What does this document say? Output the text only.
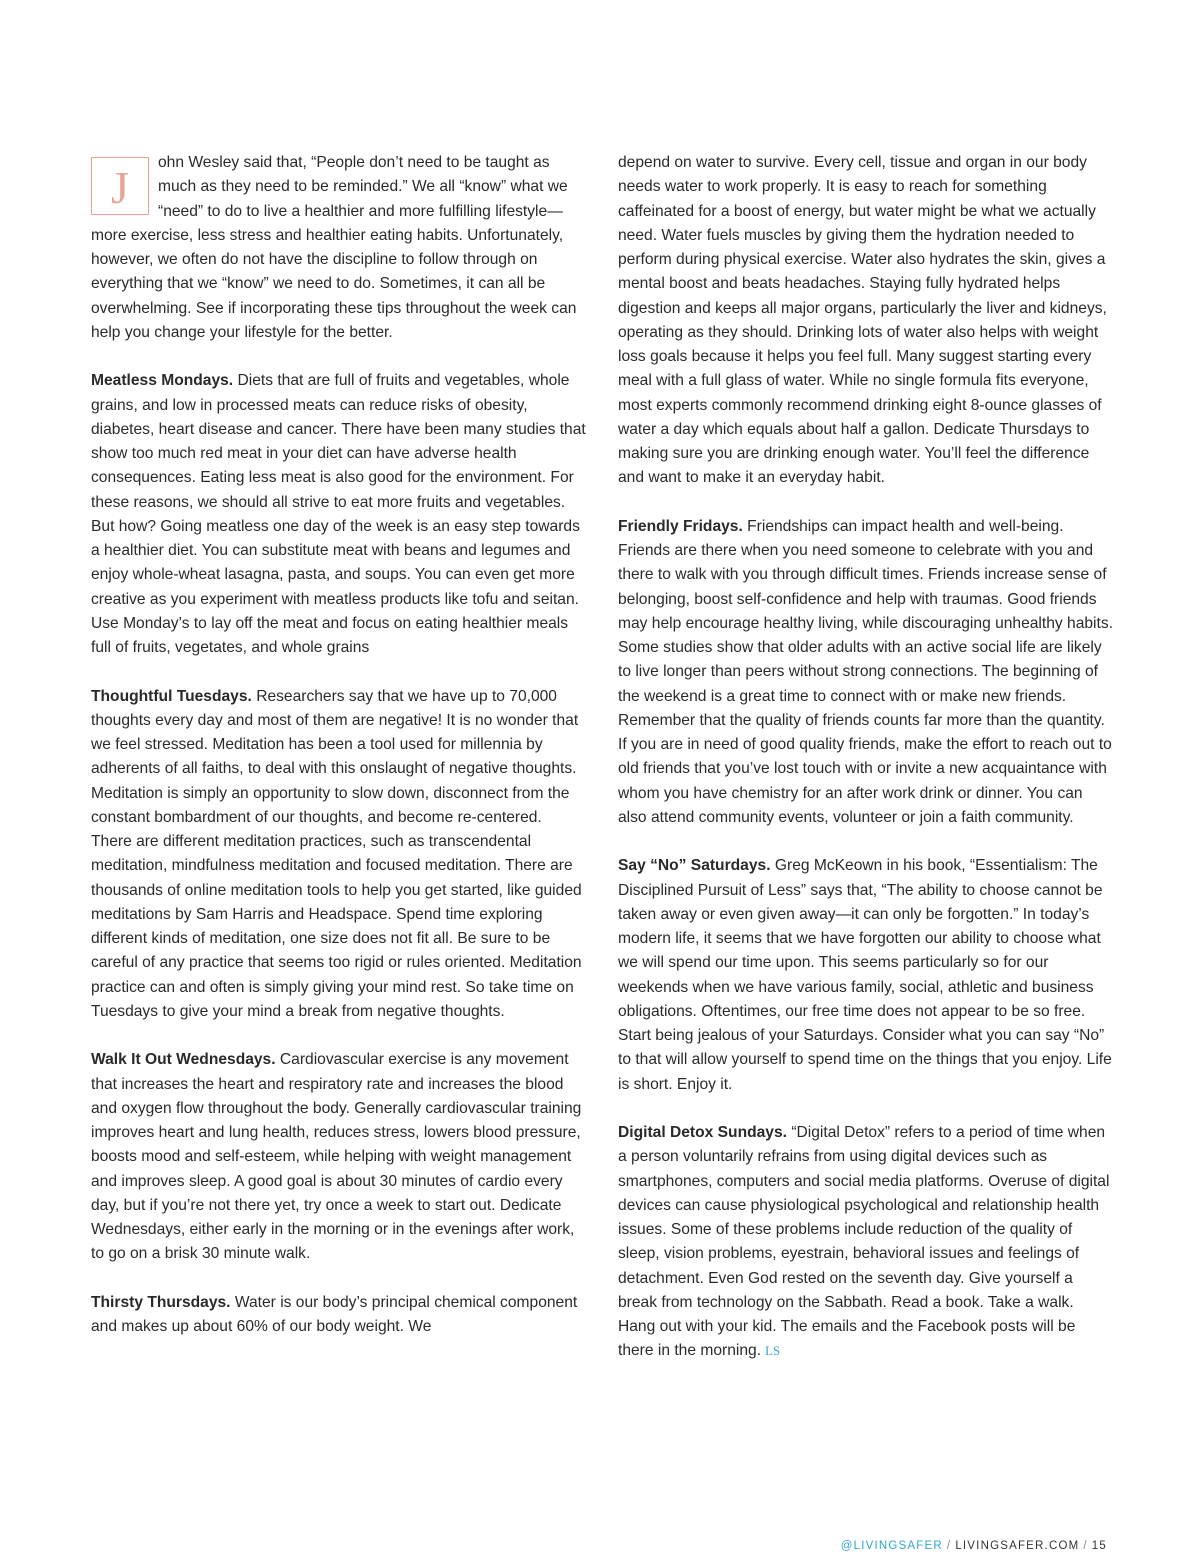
J	ohn Wesley said that, “People don’t need to be taught as much as they need to be reminded.” We all “know” what we “need” to do to live a healthier and more fulfilling lifestyle—more exercise, less stress and healthier eating habits. Unfortunately, however, we often do not have the discipline to follow through on everything that we “know” we need to do. Sometimes, it can all be overwhelming. See if incorporating these tips throughout the week can help you change your lifestyle for the better.

Meatless Mondays. Diets that are full of fruits and vegetables, whole grains, and low in processed meats can reduce risks of obesity, diabetes, heart disease and cancer. There have been many studies that show too much red meat in your diet can have adverse health consequences. Eating less meat is also good for the environment. For these reasons, we should all strive to eat more fruits and vegetables. But how? Going meatless one day of the week is an easy step towards a healthier diet. You can substitute meat with beans and legumes and enjoy whole-wheat lasagna, pasta, and soups. You can even get more creative as you experiment with meatless products like tofu and seitan. Use Monday’s to lay off the meat and focus on eating healthier meals full of fruits, vegetates, and whole grains

Thoughtful Tuesdays. Researchers say that we have up to 70,000 thoughts every day and most of them are negative! It is no wonder that we feel stressed. Meditation has been a tool used for millennia by adherents of all faiths, to deal with this onslaught of negative thoughts. Meditation is simply an opportunity to slow down, disconnect from the constant bombardment of our thoughts, and become re-centered. There are different meditation practices, such as transcendental meditation, mindfulness meditation and focused meditation. There are thousands of online meditation tools to help you get started, like guided meditations by Sam Harris and Headspace. Spend time exploring different kinds of meditation, one size does not fit all. Be sure to be careful of any practice that seems too rigid or rules oriented. Meditation practice can and often is simply giving your mind rest. So take time on Tuesdays to give your mind a break from negative thoughts.

Walk It Out Wednesdays. Cardiovascular exercise is any movement that increases the heart and respiratory rate and increases the blood and oxygen flow throughout the body. Generally cardiovascular training improves heart and lung health, reduces stress, lowers blood pressure, boosts mood and self-esteem, while helping with weight management and improves sleep. A good goal is about 30 minutes of cardio every day, but if you’re not there yet, try once a week to start out. Dedicate Wednesdays, either early in the morning or in the evenings after work, to go on a brisk 30 minute walk.

Thirsty Thursdays. Water is our body’s principal chemical component and makes up about 60% of our body weight. We

depend on water to survive. Every cell, tissue and organ in our body needs water to work properly. It is easy to reach for something caffeinated for a boost of energy, but water might be what we actually need. Water fuels muscles by giving them the hydration needed to perform during physical exercise. Water also hydrates the skin, gives a mental boost and beats headaches. Staying fully hydrated helps digestion and keeps all major organs, particularly the liver and kidneys, operating as they should. Drinking lots of water also helps with weight loss goals because it helps you feel full. Many suggest starting every meal with a full glass of water. While no single formula fits everyone, most experts commonly recommend drinking eight 8-ounce glasses of water a day which equals about half a gallon. Dedicate Thursdays to making sure you are drinking enough water. You’ll feel the difference and want to make it an everyday habit.

Friendly Fridays. Friendships can impact health and well-being. Friends are there when you need someone to celebrate with you and there to walk with you through difficult times. Friends increase sense of belonging, boost self-confidence and help with traumas. Good friends may help encourage healthy living, while discouraging unhealthy habits. Some studies show that older adults with an active social life are likely to live longer than peers without strong connections. The beginning of the weekend is a great time to connect with or make new friends. Remember that the quality of friends counts far more than the quantity. If you are in need of good quality friends, make the effort to reach out to old friends that you’ve lost touch with or invite a new acquaintance with whom you have chemistry for an after work drink or dinner. You can also attend community events, volunteer or join a faith community.

Say “No” Saturdays. Greg McKeown in his book, “Essentialism: The Disciplined Pursuit of Less” says that, “The ability to choose cannot be taken away or even given away—it can only be forgotten.” In today’s modern life, it seems that we have forgotten our ability to choose what we will spend our time upon. This seems particularly so for our weekends when we have various family, social, athletic and business obligations. Oftentimes, our free time does not appear to be so free. Start being jealous of your Saturdays. Consider what you can say “No” to that will allow yourself to spend time on the things that you enjoy. Life is short. Enjoy it.

Digital Detox Sundays. “Digital Detox” refers to a period of time when a person voluntarily refrains from using digital devices such as smartphones, computers and social media platforms. Overuse of digital devices can cause physiological psychological and relationship health issues. Some of these problems include reduction of the quality of sleep, vision problems, eyestrain, behavioral issues and feelings of detachment. Even God rested on the seventh day. Give yourself a break from technology on the Sabbath. Read a book. Take a walk. Hang out with your kid. The emails and the Facebook posts will be there in the morning. LS

@LIVINGSAFER / LIVINGSAFER.COM / 15
